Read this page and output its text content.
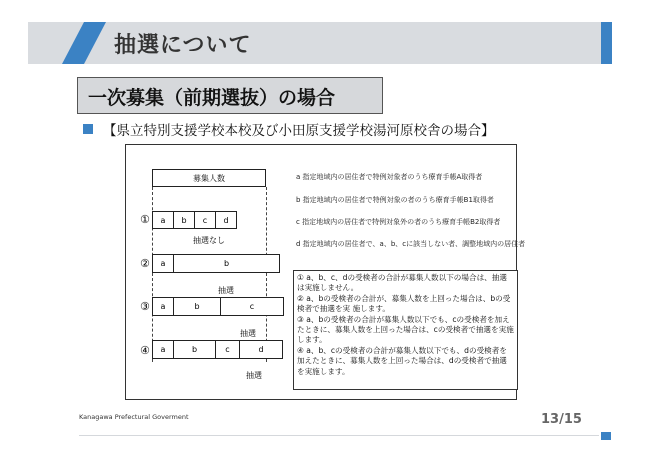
抽選について
一次募集（前期選抜）の場合
【県立特別支援学校本校及び小田原支援学校湯河原校舎の場合】
募集人数
① a b c d
抽選なし
② a	b
抽選
③ a	b	c
抽選
④ a	b	c	d
抽選
a 指定地域内の居住者で特例対象者のうち療育手帳A取得者
b 指定地域内の居住者で特例対象の者のうち療育手帳B1取得者
c 指定地域内の居住者で特例対象外の者のうち療育手帳B2取得者
d 指定地域内の居住者で、a、b、cに該当しない者、調整地域内の居住者

① a、b、c、dの受検者の合計が募集人数以下の場合は、抽選 は実施しません。

② a、bの受検者の合計が、募集人数を上回った場合は、bの受検者で抽選を実 施します。

③ a、bの受検者の合計が募集人数以下でも、cの受検者を加えたときに、募集人数を上回った場合は、cの受検者で抽選を実施します。

④ a、b、cの受検者の合計が募集人数以下でも、dの受検者を加えたときに、募集人数を上回った場合は、dの受検者で抽選を実施します。

Kanagawa Prefectural Goverment	13/15
